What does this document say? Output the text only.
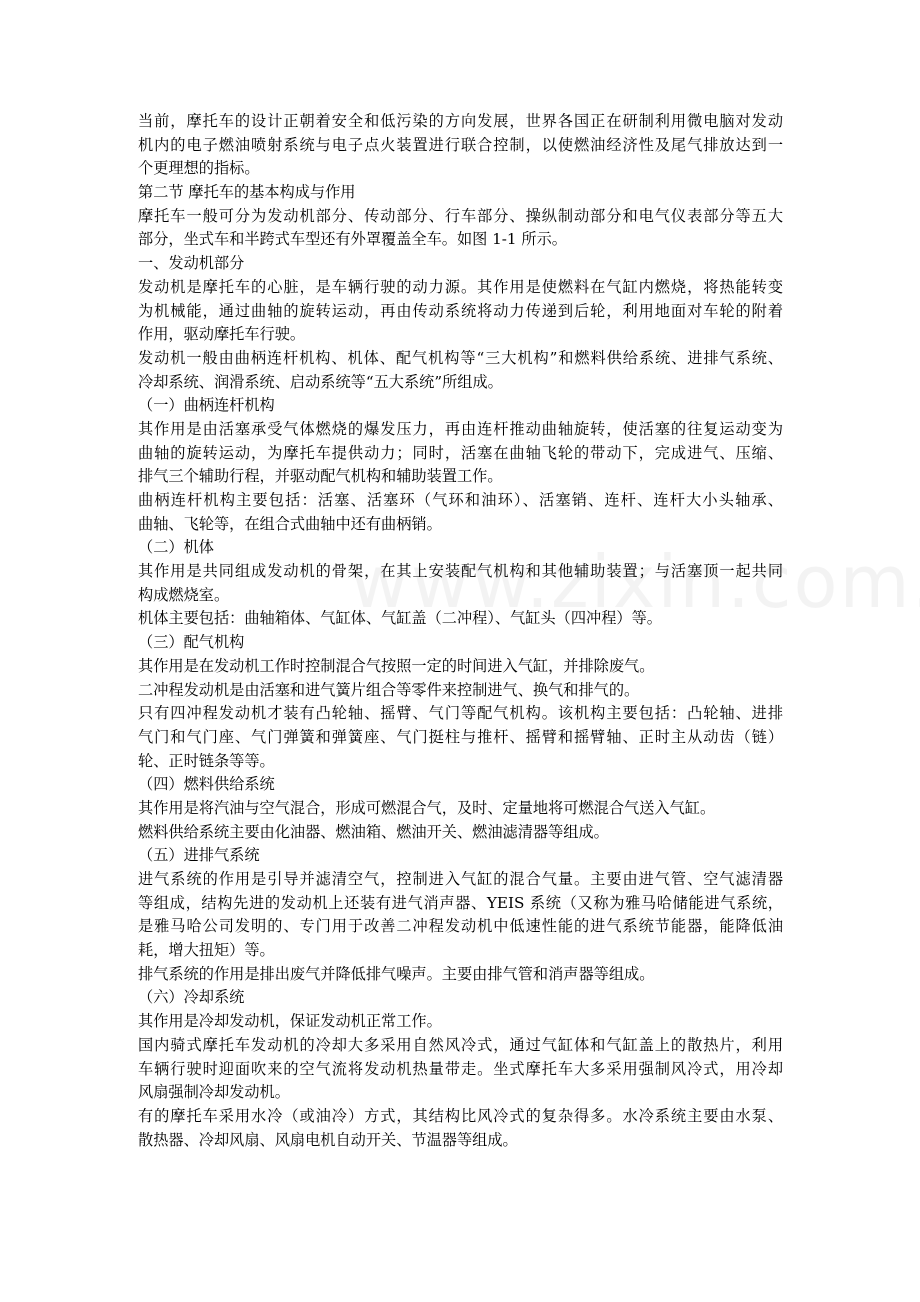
当前，摩托车的设计正朝着安全和低污染的方向发展，世界各国正在研制利用微电脑对发动
机内的电子燃油喷射系统与电子点火装置进行联合控制，以使燃油经济性及尾气排放达到一
个更理想的指标。
第二节 摩托车的基本构成与作用
摩托车一般可分为发动机部分、传动部分、行车部分、操纵制动部分和电气仪表部分等五大
部分，坐式车和半跨式车型还有外罩覆盖全车。如图 1-1 所示。
一、发动机部分
发动机是摩托车的心脏，是车辆行驶的动力源。其作用是使燃料在气缸内燃烧，将热能转变
为机械能，通过曲轴的旋转运动，再由传动系统将动力传递到后轮，利用地面对车轮的附着
作用，驱动摩托车行驶。
发动机一般由曲柄连杆机构、机体、配气机构等“三大机构”和燃料供给系统、进排气系统、
冷却系统、润滑系统、启动系统等“五大系统”所组成。
（一）曲柄连杆机构
其作用是由活塞承受气体燃烧的爆发压力，再由连杆推动曲轴旋转，使活塞的往复运动变为
曲轴的旋转运动，为摩托车提供动力；同时，活塞在曲轴飞轮的带动下，完成进气、压缩、
排气三个辅助行程，并驱动配气机构和辅助装置工作。
曲柄连杆机构主要包括：活塞、活塞环（气环和油环）、活塞销、连杆、连杆大小头轴承、
曲轴、飞轮等，在组合式曲轴中还有曲柄销。
（二）机体
其作用是共同组成发动机的骨架，在其上安装配气机构和其他辅助装置；与活塞顶一起共同
构成燃烧室。
机体主要包括：曲轴箱体、气缸体、气缸盖（二冲程）、气缸头（四冲程）等。
（三）配气机构
其作用是在发动机工作时控制混合气按照一定的时间进入气缸，并排除废气。
二冲程发动机是由活塞和进气簧片组合等零件来控制进气、换气和排气的。
只有四冲程发动机才装有凸轮轴、摇臂、气门等配气机构。该机构主要包括：凸轮轴、进排
气门和气门座、气门弹簧和弹簧座、气门挺柱与推杆、摇臂和摇臂轴、正时主从动齿（链）
轮、正时链条等等。
（四）燃料供给系统
其作用是将汽油与空气混合，形成可燃混合气，及时、定量地将可燃混合气送入气缸。
燃料供给系统主要由化油器、燃油箱、燃油开关、燃油滤清器等组成。
（五）进排气系统
进气系统的作用是引导并滤清空气，控制进入气缸的混合气量。主要由进气管、空气滤清器
等组成，结构先进的发动机上还装有进气消声器、YEIS 系统（又称为雅马哈储能进气系统，
是雅马哈公司发明的、专门用于改善二冲程发动机中低速性能的进气系统节能器，能降低油
耗，增大扭矩）等。
排气系统的作用是排出废气并降低排气噪声。主要由排气管和消声器等组成。
（六）冷却系统
其作用是冷却发动机，保证发动机正常工作。
国内骑式摩托车发动机的冷却大多采用自然风冷式，通过气缸体和气缸盖上的散热片，利用
车辆行驶时迎面吹来的空气流将发动机热量带走。坐式摩托车大多采用强制风冷式，用冷却
风扇强制冷却发动机。
有的摩托车采用水冷（或油冷）方式，其结构比风冷式的复杂得多。水冷系统主要由水泵、
散热器、冷却风扇、风扇电机自动开关、节温器等组成。
